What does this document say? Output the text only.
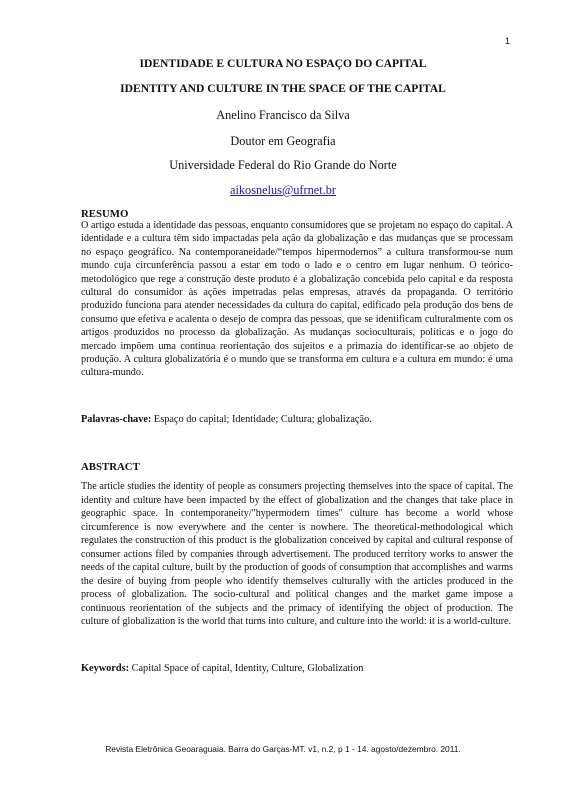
1
IDENTIDADE E CULTURA NO ESPAÇO DO CAPITAL
IDENTITY AND CULTURE IN THE SPACE OF THE CAPITAL
Anelino Francisco da Silva
Doutor em Geografia
Universidade Federal do Rio Grande do Norte
aikosnelus@ufrnet.br

RESUMO

O artigo estuda a identidade das pessoas, enquanto consumidores que se projetam no espaço do capital. A identidade e a cultura têm sido impactadas pela ação da globalização e das mudanças que se processam no espaço geográfico. Na contemporaneidade/“tempos hipermodernos” a cultura transformou-se num mundo cuja circunferência passou a estar em todo o lado e o centro em lugar nenhum. O teórico-metodológico que rege a construção deste produto é a globalização concebida pelo capital e da resposta cultural do consumidor às ações impetradas pelas empresas, através da propaganda. O território produzido funciona para atender necessidades da cultura do capital, edificado pela produção dos bens de consumo que efetiva e acalenta o desejo de compra das pessoas, que se identificam culturalmente com os artigos produzidos no processo da globalização. As mudanças socioculturais, políticas e o jogo do mercado impõem uma contínua reorientação dos sujeitos e a primazia do identificar-se ao objeto de produção. A cultura globalizatória é o mundo que se transforma em cultura e a cultura em mundo: é uma cultura-mundo.

Palavras-chave: Espaço do capital; Identidade; Cultura; globalização.

ABSTRACT

The article studies the identity of people as consumers projecting themselves into the space of capital. The identity and culture have been impacted by the effect of globalization and the changes that take place in geographic space. In contemporaneity/"hypermodern times" culture has become a world whose circumference is now everywhere and the center is nowhere. The theoretical-methodological which regulates the construction of this product is the globalization conceived by capital and cultural response of consumer actions filed by companies through advertisement. The produced territory works to answer the needs of the capital culture, built by the production of goods of consumption that accomplishes and warms the desire of buying from people who identify themselves culturally with the articles produced in the process of globalization. The socio-cultural and political changes and the market game impose a continuous reorientation of the subjects and the primacy of identifying the object of production. The culture of globalization is the world that turns into culture, and culture into the world: it is a world-culture.

Keywords: Capital Space of capital, Identity, Culture, Globalization

Revista Eletrônica Geoaraguaia. Barra do Garças-MT. v1, n.2, p 1 - 14. agosto/dezembro. 2011.
